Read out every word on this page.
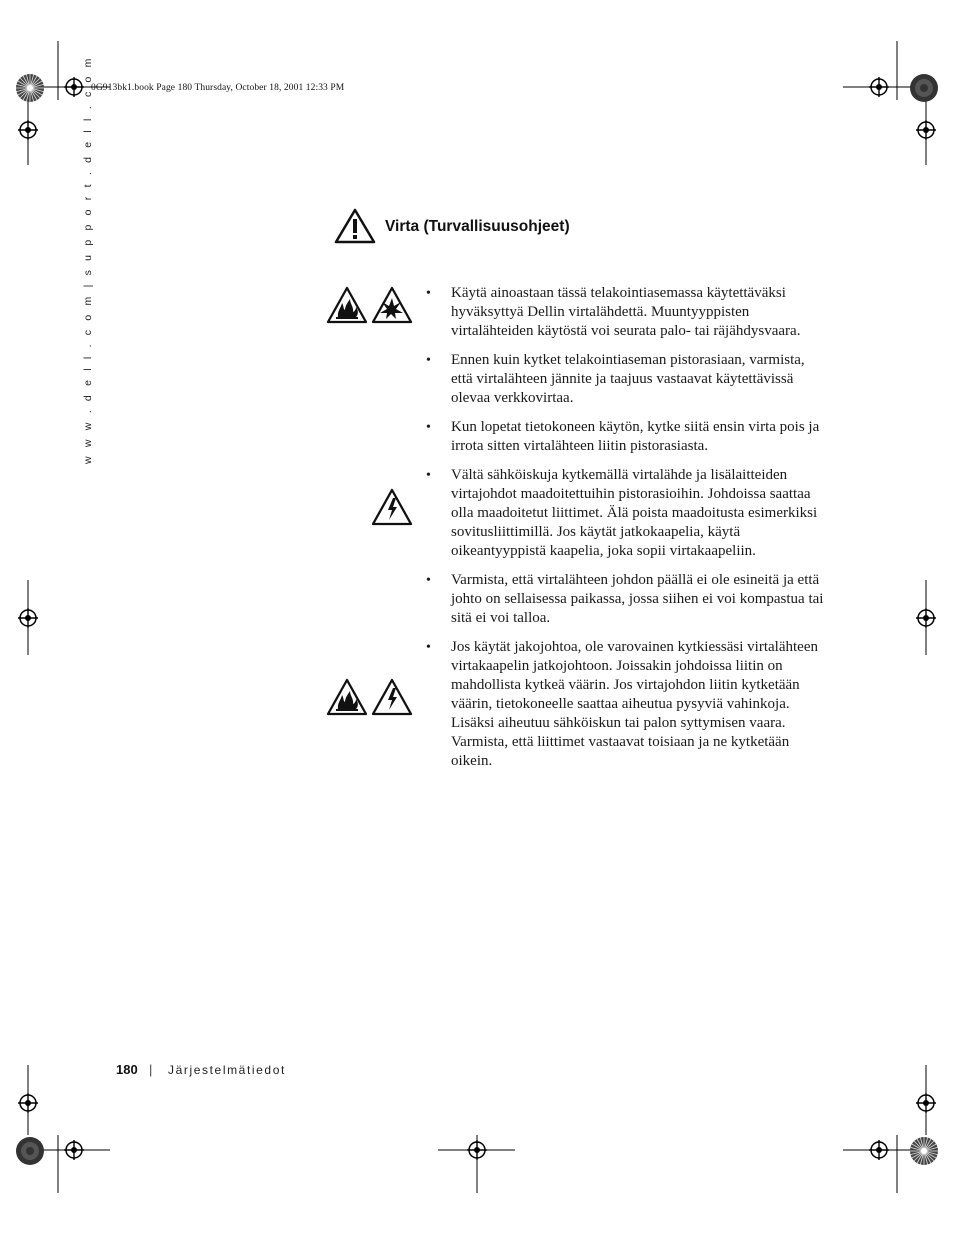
0G913bk1.book Page 180 Thursday, October 18, 2001 12:33 PM
w w w . d e l l . c o m | s u p p o r t . d e l l . c o m	Virta (Turvallisuusohjeet)
• Käytä ainoastaan tässä telakointiasemassa käytettäväksi hyväksyttyä Dellin virtalähdettä. Muuntyyppisten virtalähteiden käytöstä voi seurata palo- tai räjähdysvaara.
• Ennen kuin kytket telakointiaseman pistorasiaan, varmista, että virtalähteen jännite ja taajuus vastaavat käytettävissä olevaa verkkovirtaa.
• Kun lopetat tietokoneen käytön, kytke siitä ensin virta pois ja irrota sitten virtalähteen liitin pistorasiasta.
• Vältä sähköiskuja kytkemällä virtalähde ja lisälaitteiden virtajohdot maadoitettuihin pistorasioihin. Johdoissa saattaa olla maadoitetut liittimet. Älä poista maadoitusta esimerkiksi sovitusliittimillä. Jos käytät jatkokaapelia, käytä oikeantyyppistä kaapelia, joka sopii virtakaapeliin.
• Varmista, että virtalähteen johdon päällä ei ole esineitä ja että johto on sellaisessa paikassa, jossa siihen ei voi kompastua tai sitä ei voi talloa.
• Jos käytät jakojohtoa, ole varovainen kytkiessäsi virtalähteen virtakaapelin jatkojohtoon. Joissakin johdoissa liitin on mahdollista kytkeä väärin. Jos virtajohdon liitin kytketään väärin, tietokoneelle saattaa aiheutua pysyviä vahinkoja. Lisäksi aiheutuu sähköiskun tai palon syttymisen vaara. Varmista, että liittimet vastaavat toisiaan ja ne kytketään oikein.
180 | Järjestelmätiedot
